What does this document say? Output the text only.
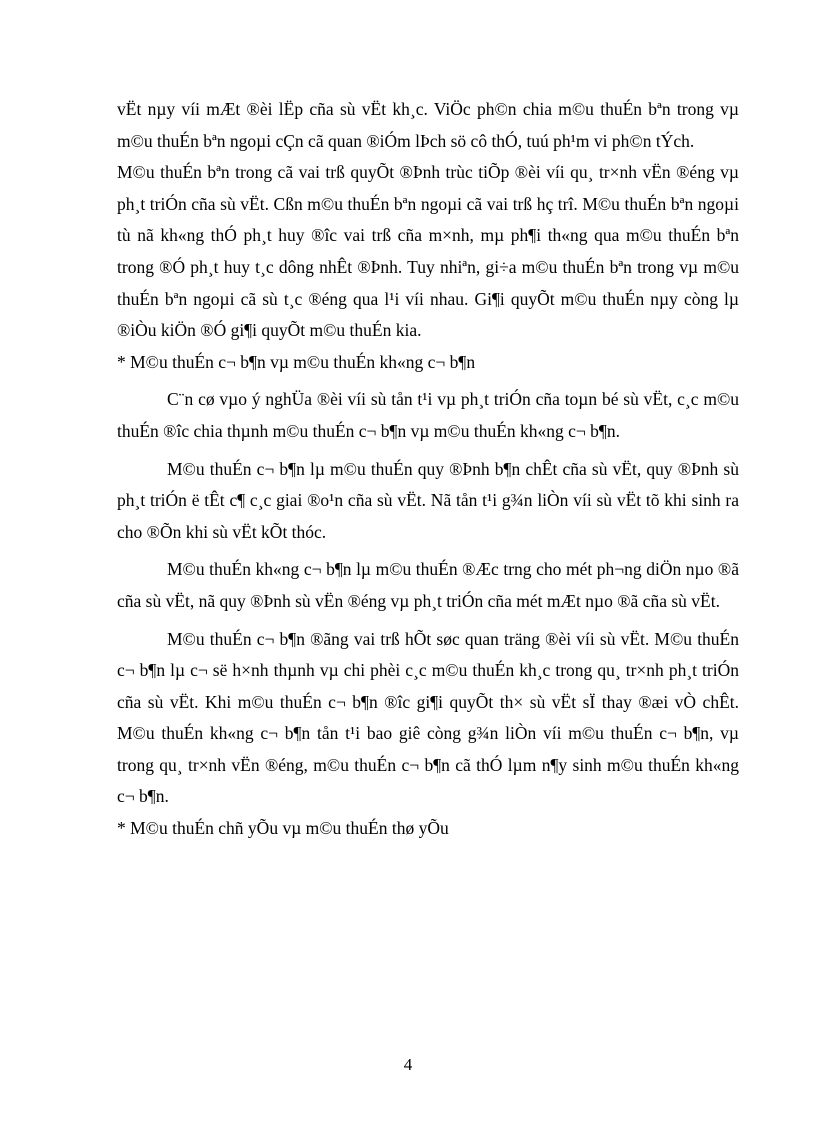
vËt nµy víi mÆt ®èi lËp cña sù vËt kh¸c. ViÖc ph©n chia m©u thuÉn bªn trong vµ m©u thuÉn bªn ngoµi cÇn cã quan ®iÓm lÞch sö cô thÓ, tuú ph¹m vi ph©n tÝch.

M©u thuÉn bªn trong cã vai trß quyÕt ®Þnh trùc tiÕp ®èi víi qu¸ tr×nh vËn ®éng vµ ph¸t triÓn cña sù vËt. Cßn m©u thuÉn bªn ngoµi cã vai trß hç trî. M©u thuÉn bªn ngoµi tù nã kh«ng thÓ ph¸t huy ®îc vai trß cña m×nh, mµ ph¶i th«ng qua m©u thuÉn bªn trong ®Ó ph¸t huy t¸c dông nhÊt ®Þnh. Tuy nhiªn, gi÷a m©u thuÉn bªn trong vµ m©u thuÉn bªn ngoµi cã sù t¸c ®éng qua l¹i víi nhau. Gi¶i quyÕt m©u thuÉn nµy còng lµ ®iÒu kiÖn ®Ó gi¶i quyÕt m©u thuÉn kia.

* M©u thuÉn c¬ b¶n vµ m©u thuÉn kh«ng c¬ b¶n

C¨n cø vµo ý nghÜa ®èi víi sù tån t¹i vµ ph¸t triÓn cña toµn bé sù vËt, c¸c m©u thuÉn ®îc chia thµnh m©u thuÉn c¬ b¶n vµ m©u thuÉn kh«ng c¬ b¶n.

M©u thuÉn c¬ b¶n lµ m©u thuÉn quy ®Þnh b¶n chÊt cña sù vËt, quy ®Þnh sù ph¸t triÓn ë tÊt c¶ c¸c giai ®o¹n cña sù vËt. Nã tån t¹i g¾n liÒn víi sù vËt tõ khi sinh ra cho ®Õn khi sù vËt kÕt thóc.

M©u thuÉn kh«ng c¬ b¶n lµ m©u thuÉn ®Æc trng cho mét ph¬ng diÖn nµo ®ã cña sù vËt, nã quy ®Þnh sù vËn ®éng vµ ph¸t triÓn cña mét mÆt nµo ®ã cña sù vËt.

M©u thuÉn c¬ b¶n ®ãng vai trß hÕt søc quan träng ®èi víi sù vËt. M©u thuÉn c¬ b¶n lµ c¬ së h×nh thµnh vµ chi phèi c¸c m©u thuÉn kh¸c trong qu¸ tr×nh ph¸t triÓn cña sù vËt. Khi m©u thuÉn c¬ b¶n ®îc gi¶i quyÕt th× sù vËt sÏ thay ®æi vÒ chÊt. M©u thuÉn kh«ng c¬ b¶n tån t¹i bao giê còng g¾n liÒn víi m©u thuÉn c¬ b¶n, vµ trong qu¸ tr×nh vËn ®éng, m©u thuÉn c¬ b¶n cã thÓ lµm n¶y sinh m©u thuÉn kh«ng c¬ b¶n.

* M©u thuÉn chñ yÕu vµ m©u thuÉn thø yÕu

4
